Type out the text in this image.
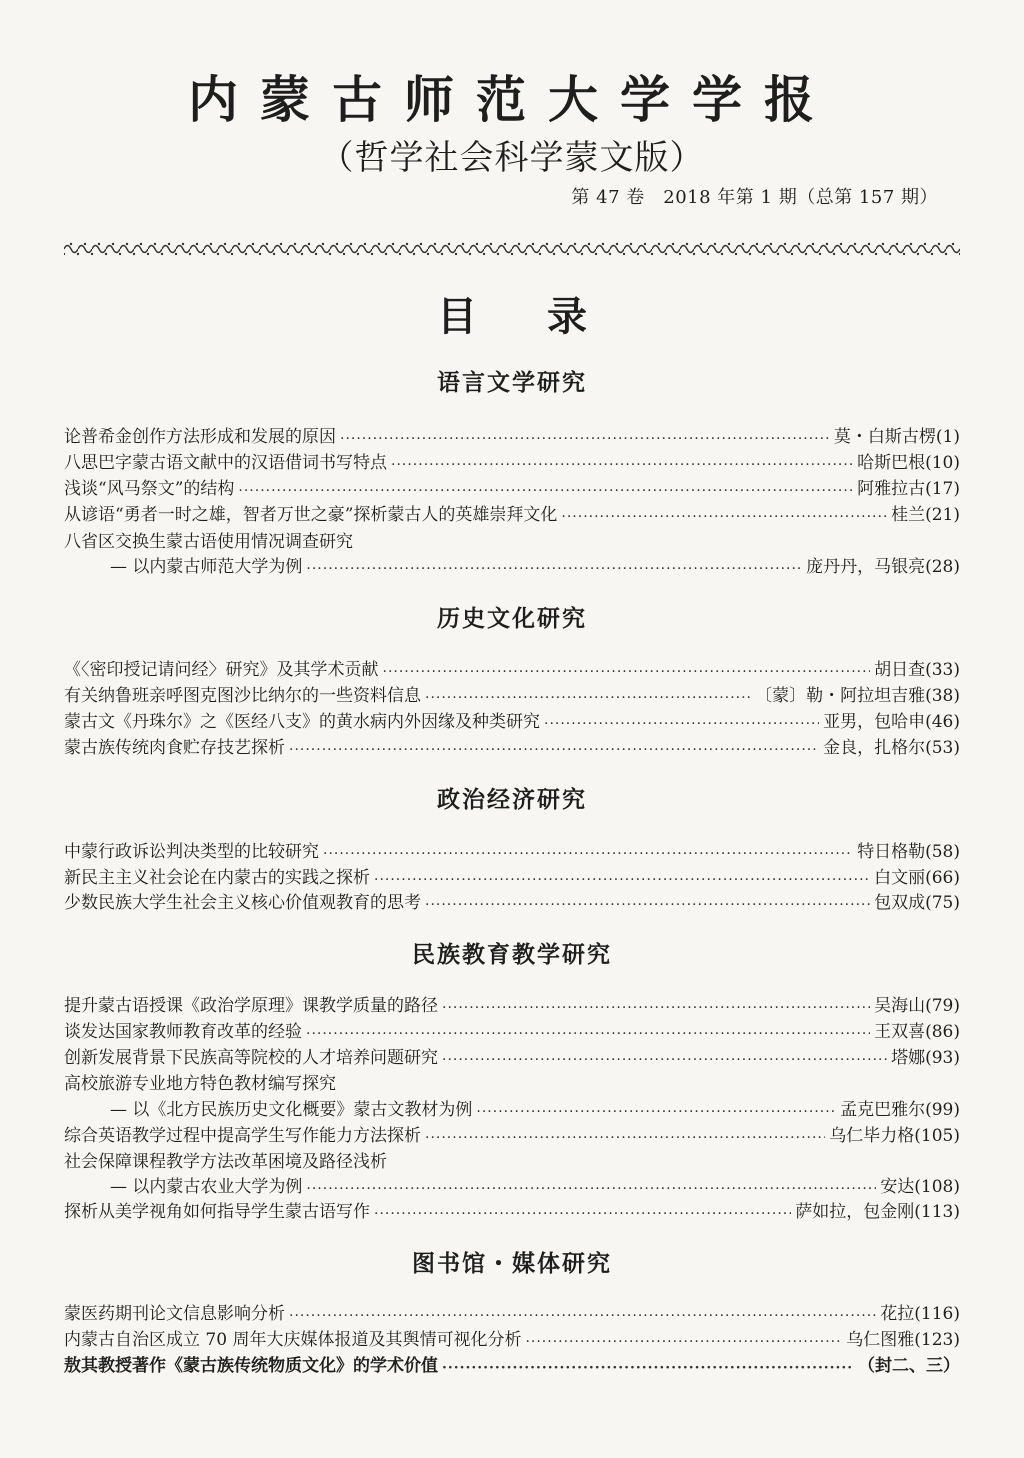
内蒙古师范大学学报
（哲学社会科学蒙文版）
第 47 卷　2018 年第 1 期（总第 157 期）
目录
语言文学研究
论普希金创作方法形成和发展的原因 ·····	莫・白斯古楞 (1)
八思巴字蒙古语文献中的汉语借词书写特点 ·····	哈斯巴根 (10)
浅谈“风马祭文”的结构 ·····	阿雅拉古 (17)
从谚语“勇者一时之雄，智者万世之豪”探析蒙古人的英雄崇拜文化 ·····	桂兰 (21)
八省区交换生蒙古语使用情况调查研究
— 以内蒙古师范大学为例 ·····	庞丹丹，马银亮 (28)
历史文化研究
《〈密印授记请问经〉研究》及其学术贡献 ·····	胡日查 (33)
有关纳鲁班亲呼图克图沙比纳尔的一些资料信息 ·····	〔蒙〕勒・阿拉坦吉雅 (38)
蒙古文《丹珠尔》之《医经八支》的黄水病内外因缘及种类研究 ·····	亚男，包哈申 (46)
蒙古族传统肉食贮存技艺探析 ·····	金良，扎格尔 (53)
政治经济研究
中蒙行政诉讼判决类型的比较研究 ·····	特日格勒 (58)
新民主主义社会论在内蒙古的实践之探析 ·····	白文丽 (66)
少数民族大学生社会主义核心价值观教育的思考 ·····	包双成 (75)
民族教育教学研究
提升蒙古语授课《政治学原理》课教学质量的路径 ·····	吴海山 (79)
谈发达国家教师教育改革的经验 ·····	王双喜 (86)
创新发展背景下民族高等院校的人才培养问题研究 ·····	塔娜 (93)
高校旅游专业地方特色教材编写探究
— 以《北方民族历史文化概要》蒙古文教材为例 ·····	孟克巴雅尔 (99)
综合英语教学过程中提高学生写作能力方法探析 ·····	乌仁毕力格 (105)
社会保障课程教学方法改革困境及路径浅析
— 以内蒙古农业大学为例 ·····	安达 (108)
探析从美学视角如何指导学生蒙古语写作 ·····	萨如拉，包金刚 (113)
图书馆・媒体研究
蒙医药期刊论文信息影响分析 ·····	花拉 (116)
内蒙古自治区成立 70 周年大庆媒体报道及其舆情可视化分析 ·····	乌仁图雅 (123)
敖其教授著作《蒙古族传统物质文化》的学术价值 ·····	（封二、三）
